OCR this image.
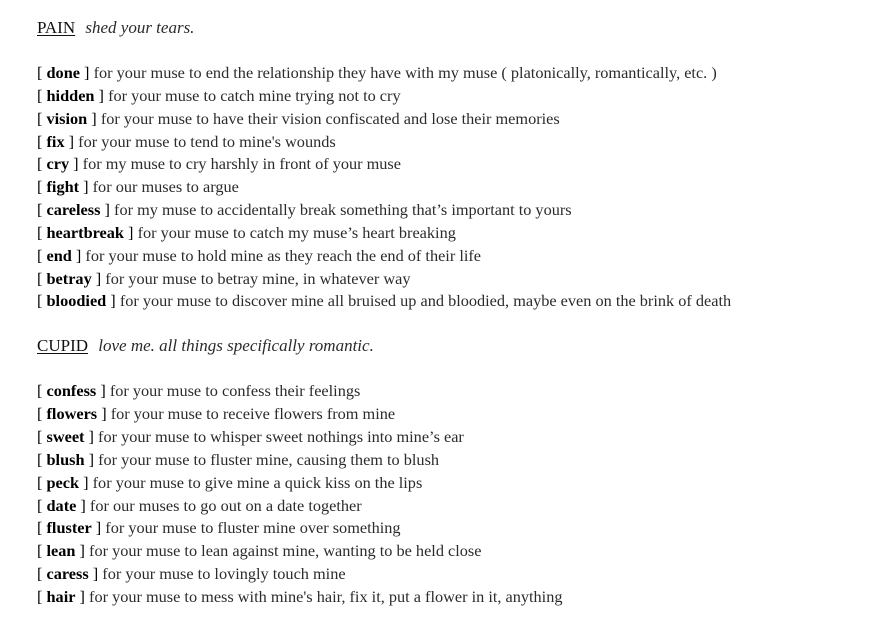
PAIN shed your tears.
[ done ] for your muse to end the relationship they have with my muse ( platonically, romantically, etc. )
[ hidden ] for your muse to catch mine trying not to cry
[ vision ] for your muse to have their vision confiscated and lose their memories
[ fix ] for your muse to tend to mine's wounds
[ cry ] for my muse to cry harshly in front of your muse
[ fight ] for our muses to argue
[ careless ] for my muse to accidentally break something that’s important to yours
[ heartbreak ] for your muse to catch my muse’s heart breaking
[ end ] for your muse to hold mine as they reach the end of their life
[ betray ] for your muse to betray mine, in whatever way
[ bloodied ] for your muse to discover mine all bruised up and bloodied, maybe even on the brink of death
CUPID love me. all things specifically romantic.
[ confess ] for your muse to confess their feelings
[ flowers ] for your muse to receive flowers from mine
[ sweet ] for your muse to whisper sweet nothings into mine’s ear
[ blush ] for your muse to fluster mine, causing them to blush
[ peck ] for your muse to give mine a quick kiss on the lips
[ date ] for our muses to go out on a date together
[ fluster ] for your muse to fluster mine over something
[ lean ] for your muse to lean against mine, wanting to be held close
[ caress ] for your muse to lovingly touch mine
[ hair ] for your muse to mess with mine's hair, fix it, put a flower in it, anything
